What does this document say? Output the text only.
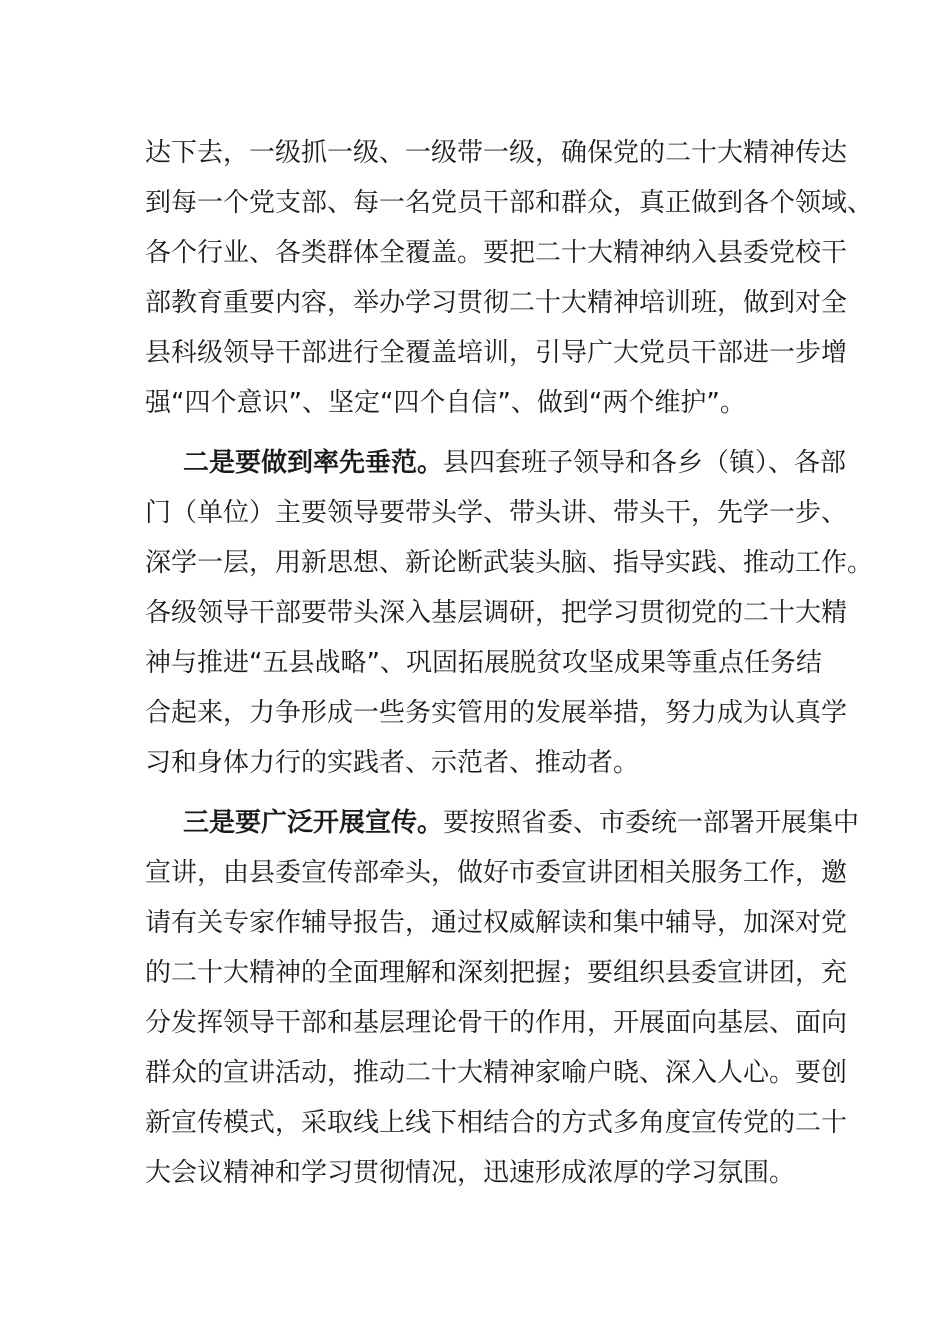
达下去，一级抓一级、一级带一级，确保党的二十大精神传达
到每一个党支部、每一名党员干部和群众，真正做到各个领域、
各个行业、各类群体全覆盖。要把二十大精神纳入县委党校干
部教育重要内容，举办学习贯彻二十大精神培训班，做到对全
县科级领导干部进行全覆盖培训，引导广大党员干部进一步增
强“四个意识”、坚定“四个自信”、做到“两个维护”。
二是要做到率先垂范。县四套班子领导和各乡（镇）、各部
门（单位）主要领导要带头学、带头讲、带头干，先学一步、
深学一层，用新思想、新论断武装头脑、指导实践、推动工作。
各级领导干部要带头深入基层调研，把学习贯彻党的二十大精
神与推进“五县战略”、巩固拓展脱贫攻坚成果等重点任务结
合起来，力争形成一些务实管用的发展举措，努力成为认真学
习和身体力行的实践者、示范者、推动者。
三是要广泛开展宣传。要按照省委、市委统一部署开展集中
宣讲，由县委宣传部牵头，做好市委宣讲团相关服务工作，邀
请有关专家作辅导报告，通过权威解读和集中辅导，加深对党
的二十大精神的全面理解和深刻把握；要组织县委宣讲团，充
分发挥领导干部和基层理论骨干的作用，开展面向基层、面向
群众的宣讲活动，推动二十大精神家喻户晓、深入人心。要创
新宣传模式，采取线上线下相结合的方式多角度宣传党的二十
大会议精神和学习贯彻情况，迅速形成浓厚的学习氛围。
